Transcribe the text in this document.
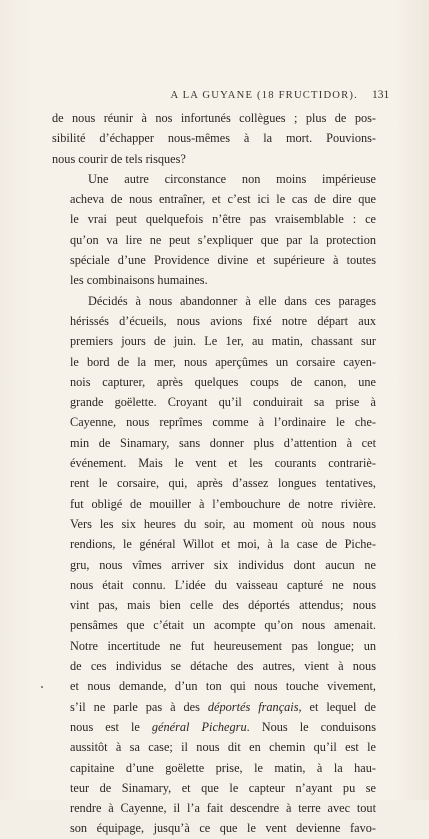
A LA GUYANE (18 FRUCTIDOR). 131

de nous réunir à nos infortunés collègues ; plus de pos-
sibilité d’échapper nous-mêmes à la mort. Pouvions-
nous courir de tels risques?

Une autre circonstance non moins impérieuse
acheva de nous entraîner, et c’est ici le cas de dire que
le vrai peut quelquefois n’être pas vraisemblable : ce
qu’on va lire ne peut s’expliquer que par la protection
spéciale d’une Providence divine et supérieure à toutes
les combinaisons humaines.

Décidés à nous abandonner à elle dans ces parages
hérissés d’écueils, nous avions fixé notre départ aux
premiers jours de juin. Le 1er, au matin, chassant sur
le bord de la mer, nous aperçûmes un corsaire cayen-
nois capturer, après quelques coups de canon, une
grande goëlette. Croyant qu’il conduirait sa prise à
Cayenne, nous reprîmes comme à l’ordinaire le che-
min de Sinamary, sans donner plus d’attention à cet
événement. Mais le vent et les courants contrariè-
rent le corsaire, qui, après d’assez longues tentatives,
fut obligé de mouiller à l’embouchure de notre rivière.
Vers les six heures du soir, au moment où nous nous
rendions, le général Willot et moi, à la case de Piche-
gru, nous vîmes arriver six individus dont aucun ne
nous était connu. L’idée du vaisseau capturé ne nous
vint pas, mais bien celle des déportés attendus; nous
pensâmes que c’était un acompte qu’on nous amenait.
Notre incertitude ne fut heureusement pas longue; un
de ces individus se détache des autres, vient à nous
et nous demande, d’un ton qui nous touche vivement,
s’il ne parle pas à des déportés français, et lequel de
nous est le général Pichegru. Nous le conduisons
aussitôt à sa case; il nous dit en chemin qu’il est le
capitaine d’une goëlette prise, le matin, à la hau-
teur de Sinamary, et que le capteur n’ayant pu se
rendre à Cayenne, il l’a fait descendre à terre avec tout
son équipage, jusqu’à ce que le vent devienne favo-
